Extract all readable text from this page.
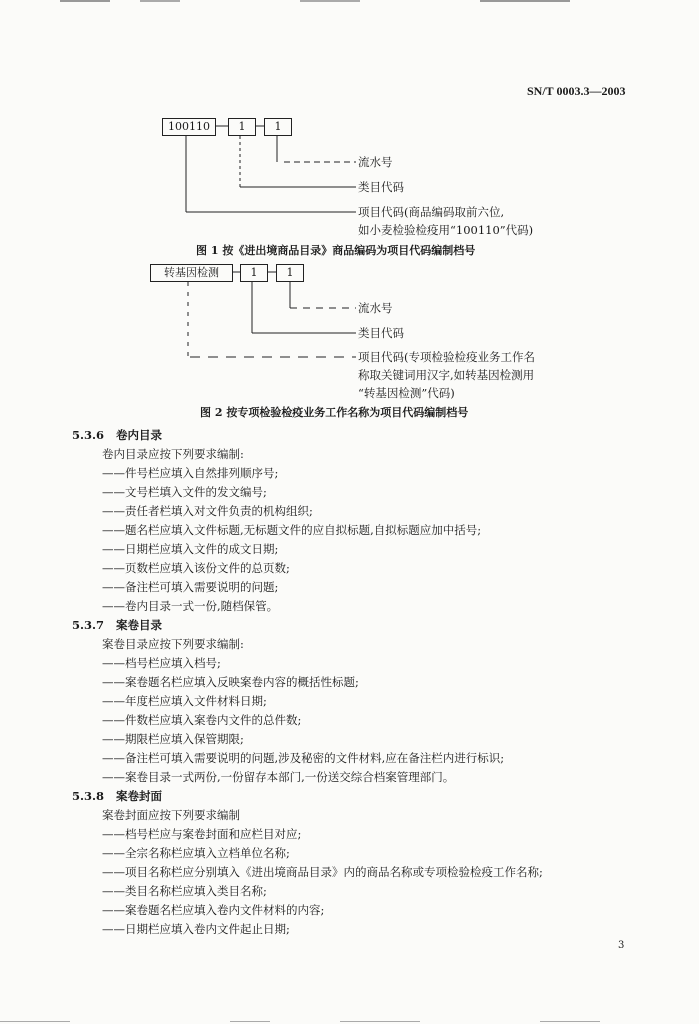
SN/T 0003.3—2003
100110	1	1
流水号
类目代码
项目代码(商品编码取前六位,
如小麦检验检疫用“100110”代码)
图 1 按《进出境商品目录》商品编码为项目代码编制档号
转基因检测	1	1
流水号
类目代码
项目代码(专项检验检疫业务工作名
称取关键词用汉字,如转基因检测用
“转基因检测”代码)
图 2 按专项检验检疫业务工作名称为项目代码编制档号
5.3.6 卷内目录
卷内目录应按下列要求编制:
——件号栏应填入自然排列顺序号;
——文号栏填入文件的发文编号;
——责任者栏填入对文件负责的机构组织;
——题名栏应填入文件标题,无标题文件的应自拟标题,自拟标题应加中括号;
——日期栏应填入文件的成文日期;
——页数栏应填入该份文件的总页数;
——备注栏可填入需要说明的问题;
——卷内目录一式一份,随档保管。
5.3.7 案卷目录
案卷目录应按下列要求编制:
——档号栏应填入档号;
——案卷题名栏应填入反映案卷内容的概括性标题;
——年度栏应填入文件材料日期;
——件数栏应填入案卷内文件的总件数;
——期限栏应填入保管期限;
——备注栏可填入需要说明的问题,涉及秘密的文件材料,应在备注栏内进行标识;
——案卷目录一式两份,一份留存本部门,一份送交综合档案管理部门。
5.3.8 案卷封面
案卷封面应按下列要求编制
——档号栏应与案卷封面和应栏目对应;
——全宗名称栏应填入立档单位名称;
——项目名称栏应分别填入《进出境商品目录》内的商品名称或专项检验检疫工作名称;
——类目名称栏应填入类目名称;
——案卷题名栏应填入卷内文件材料的内容;
——日期栏应填入卷内文件起止日期;
3
